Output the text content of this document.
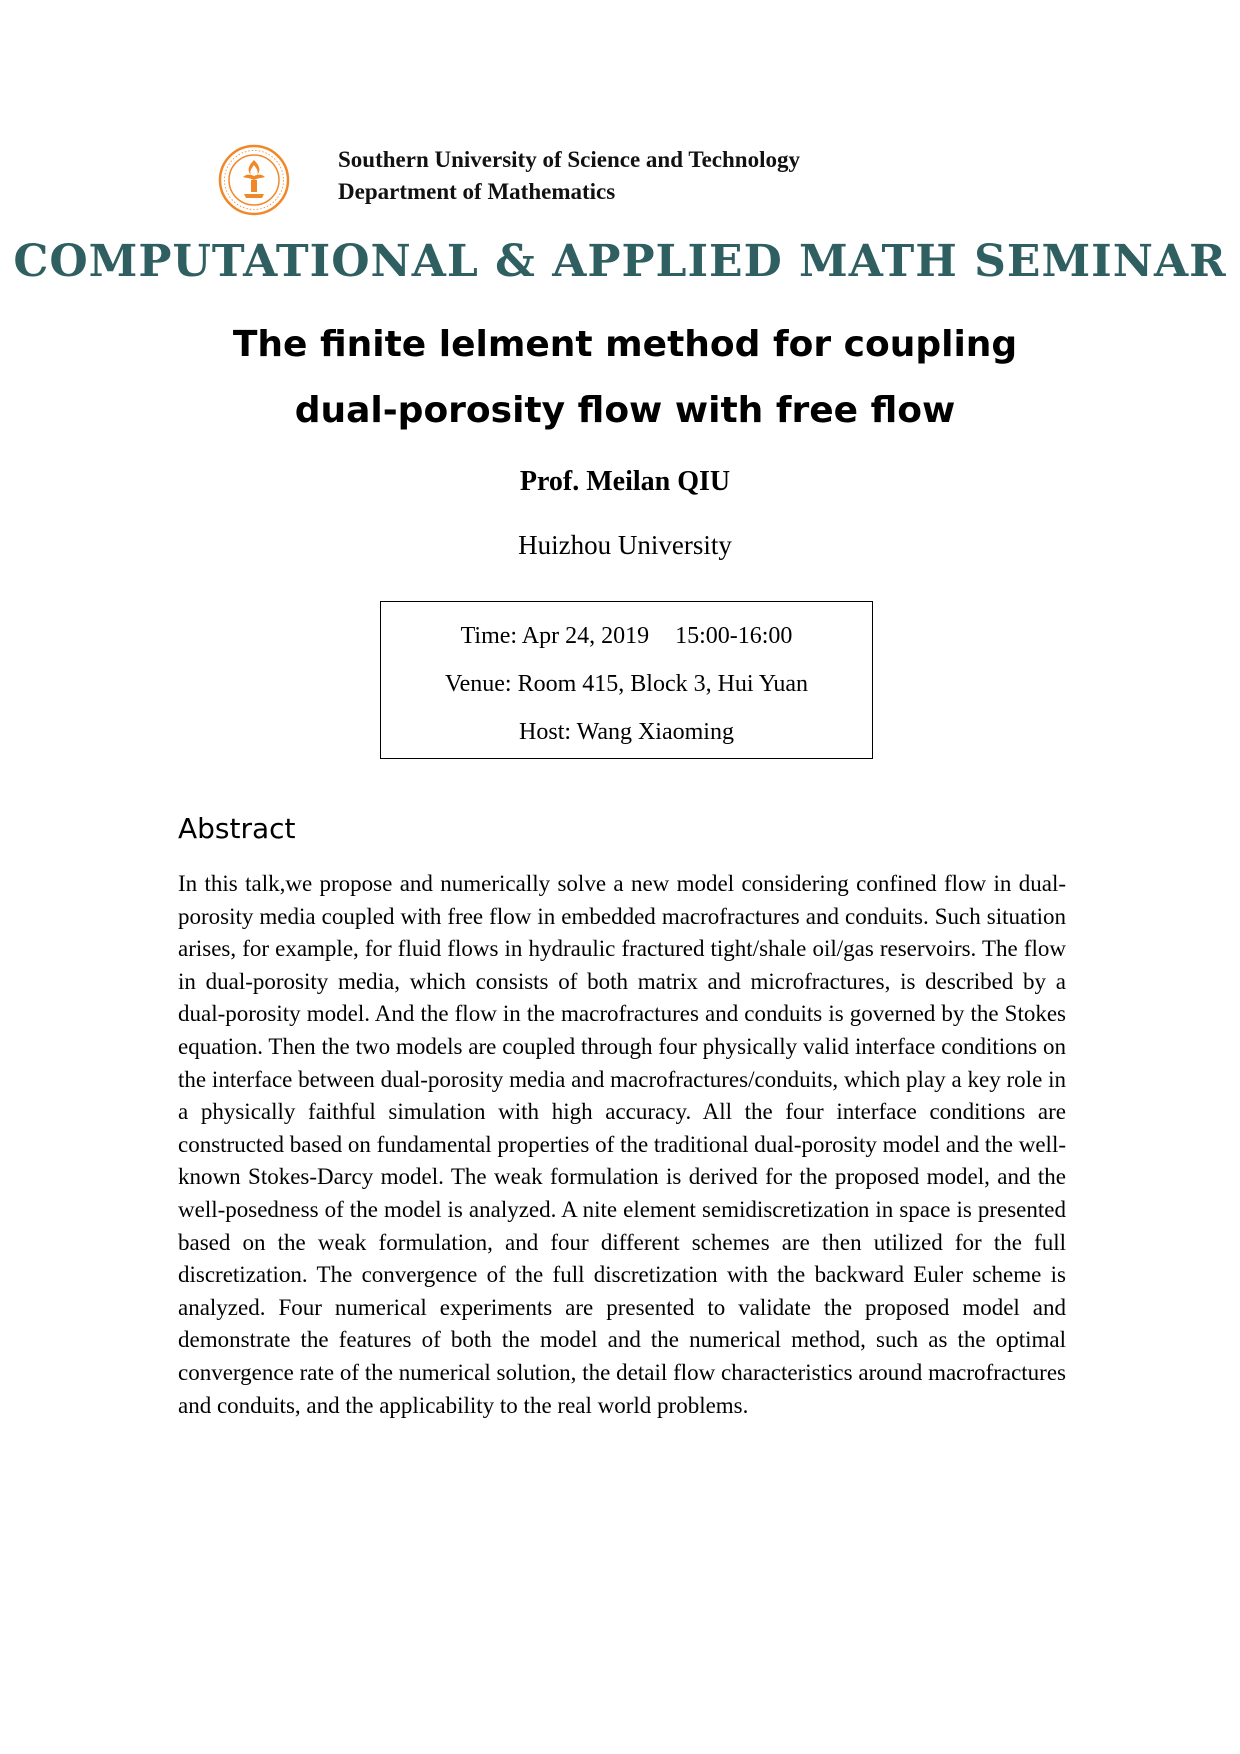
Southern University of Science and Technology
Department of Mathematics
COMPUTATIONAL & APPLIED MATH SEMINAR
The finite lelment method for coupling
dual-porosity flow with free flow
Prof. Meilan QIU
Huizhou University
Time: Apr 24, 2019 15:00-16:00
Venue: Room 415, Block 3, Hui Yuan
Host: Wang Xiaoming
Abstract

In this talk,we propose and numerically solve a new model considering confined flow in dual-porosity media coupled with free flow in embedded macrofractures and conduits. Such situation arises, for example, for fluid flows in hydraulic fractured tight/shale oil/gas reservoirs. The flow in dual-porosity media, which consists of both matrix and microfractures, is described by a dual-porosity model. And the flow in the macrofractures and conduits is governed by the Stokes equation. Then the two models are coupled through four physically valid interface conditions on the interface between dual-porosity media and macrofractures/conduits, which play a key role in a physically faithful simulation with high accuracy. All the four interface conditions are constructed based on fundamental properties of the traditional dual-porosity model and the well-known Stokes-Darcy model. The weak formulation is derived for the proposed model, and the well-posedness of the model is analyzed. A nite element semidiscretization in space is presented based on the weak formulation, and four different schemes are then utilized for the full discretization. The convergence of the full discretization with the backward Euler scheme is analyzed. Four numerical experiments are presented to validate the proposed model and demonstrate the features of both the model and the numerical method, such as the optimal convergence rate of the numerical solution, the detail flow characteristics around macrofractures and conduits, and the applicability to the real world problems.
